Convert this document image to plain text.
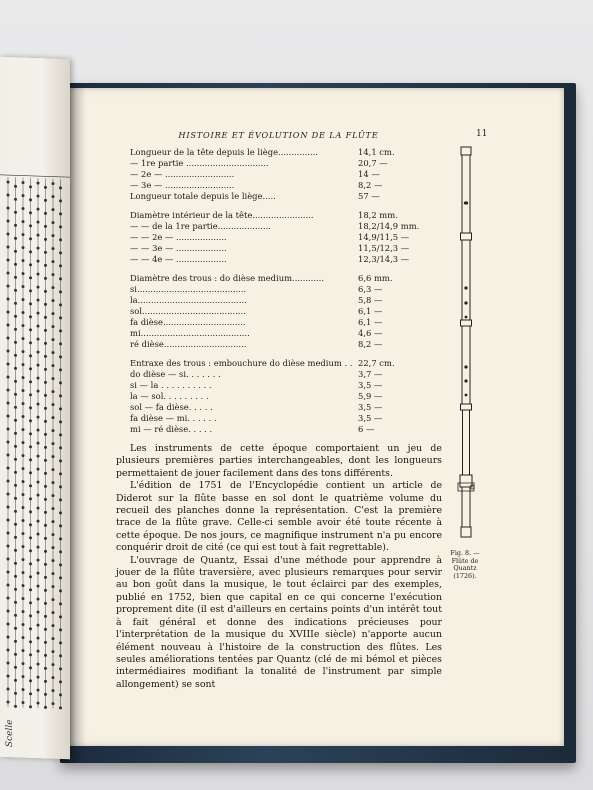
Scelle
HISTOIRE ET ÉVOLUTION DE LA FLÛTE	11
Longueur de la tête depuis le liège...............	14,1 cm.
— 1re partie ...............................	20,7 —
— 2e — ..........................	14 —
— 3e — ..........................	8,2 —
Longueur totale depuis le liège.....	57 —
Diamètre intérieur de la tête.......................	18,2 mm.
— — de la 1re partie....................	18,2/14,9 mm.
— — 2e — ...................	14,9/11,5 —
— — 3e — ...................	11,5/12,3 —
— — 4e — ...................	12,3/14,3 —
Diamètre des trous : do dièse medium............	6,6 mm.
si.........................................	6,3 —
la.........................................	5,8 —
sol.......................................	6,1 —
fa dièse...............................	6,1 —
mi.........................................	4,6 —
ré dièse...............................	8,2 —
Entraxe des trous : embouchure do dièse medium . . 22,7 cm.
do dièse — si. . . . . . .	3,7 —
si — la . . . . . . . . . .	3,5 —
la — sol. . . . . . . . .	5,9 —
sol — fa dièse. . . . .	3,5 —
fa dièse — mi. . . . . .	3,5 —
mi — ré dièse. . . . .	6 —

Les instruments de cette époque comportaient un jeu de plusieurs premières parties interchangeables, dont les longueurs permettaient de jouer facilement dans des tons différents.

L'édition de 1751 de l'Encyclopédie contient un article de Diderot sur la flûte basse en sol dont le quatrième volume du recueil des planches donne la représentation. C'est la première trace de la flûte grave. Celle-ci semble avoir été toute récente à cette époque. De nos jours, ce magnifique instrument n'a pu encore conquérir droit de cité (ce qui est tout à fait regrettable).

L'ouvrage de Quantz, Essai d'une méthode pour apprendre à jouer de la flûte traversière, avec plusieurs remarques pour servir au bon goût dans la musique, le tout éclairci par des exemples, publié en 1752, bien que capital en ce qui concerne l'exécution proprement dite (il est d'ailleurs en certains points d'un intérêt tout à fait général et donne des indications précieuses pour l'interprétation de la musique du XVIIIe siècle) n'apporte aucun élément nouveau à l'histoire de la construction des flûtes. Les seules améliorations tentées par Quantz (clé de mi bémol et pièces intermédiaires modifiant la tonalité de l'instrument par simple allongement) se sont

Fig. 8. — Flûte de Quantz (1726).
